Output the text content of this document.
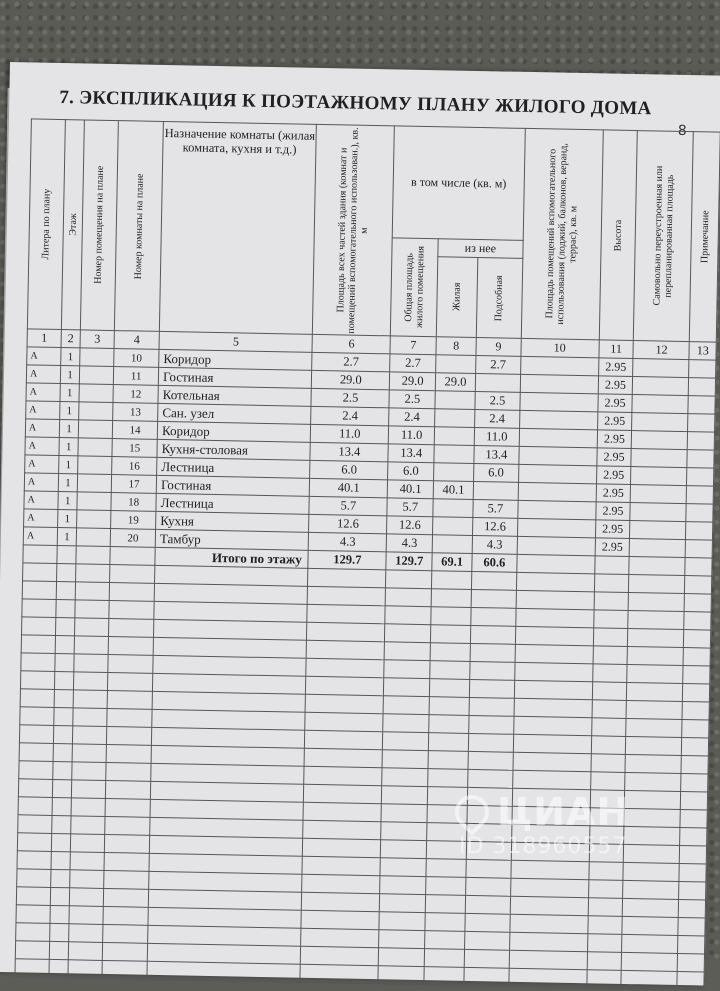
8
7. ЭКСПЛИКАЦИЯ К ПОЭТАЖНОМУ ПЛАНУ ЖИЛОГО ДОМА
Литера по плану	Этаж	Номер помещения на плане	Номер комнаты на плане	Назначение комнаты (жилая комната, кухня и т.д.)	Площадь всех частей здания (комнат и помещений вспомогательного использован.), кв. м	в том числе (кв. м)			Площадь помещений вспомогательного использования (лоджий, балконов, веранд, террас), кв. м	Высота	Самовольно переустроенная или перепланированная площадь	Примечание

						Общая площадь жилого помещения	из нее					

							Жилая	Подсобная				

1	2	3	4	5	6	7	8	9	10	11	12	13
А	1		10	Коридор	2.7	2.7		2.7		2.95		
А	1		11	Гостиная	29.0	29.0	29.0			2.95		
А	1		12	Котельная	2.5	2.5		2.5		2.95		
А	1		13	Сан. узел	2.4	2.4		2.4		2.95		
А	1		14	Коридор	11.0	11.0		11.0		2.95		
А	1		15	Кухня-столовая	13.4	13.4		13.4		2.95		
А	1		16	Лестница	6.0	6.0		6.0		2.95		
А	1		17	Гостиная	40.1	40.1	40.1			2.95		
А	1		18	Лестница	5.7	5.7		5.7		2.95		
А	1		19	Кухня	12.6	12.6		12.6		2.95		
А	1		20	Тамбур	4.3	4.3		4.3		2.95		
				Итого по этажу	129.7	129.7	69.1	60.6				

ЦИАН
ID 318960557
